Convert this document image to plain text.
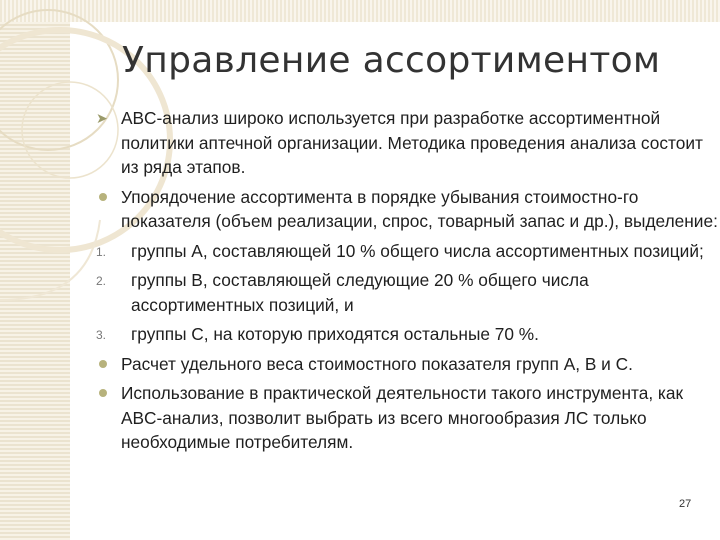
Управление ассортиментом
➤ ABC-анализ широко используется при разработке ассортиментной политики аптечной организации. Методика проведения анализа состоит из ряда этапов.
Упорядочение ассортимента в порядке убывания стоимостно-го показателя (объем реализации, спрос, товарный запас и др.), выделение:
1.	группы А, составляющей 10 % общего числа ассортиментных позиций;
2.	группы В, составляющей следующие 20 % общего числа ассортиментных позиций, и
3.	группы С, на которую приходятся остальные 70 %.
Расчет удельного веса стоимостного показателя групп А, В и С.
Использование в практической деятельности такого инструмента, как ABC-анализ, позволит выбрать из всего многообразия ЛС только необходимые потребителям.
27
